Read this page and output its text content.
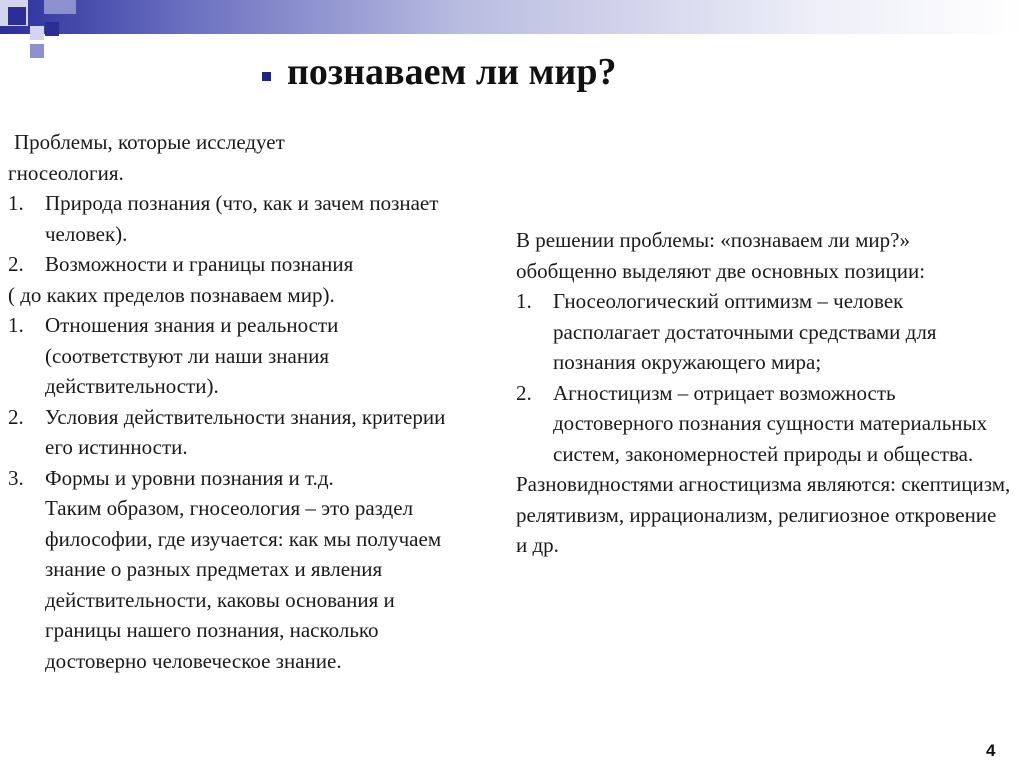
познаваем ли мир?
Проблемы, которые исследует
гносеология.
1.	Природа познания (что, как и зачем познает человек).
2.	Возможности и границы познания
( до каких пределов познаваем мир).
1.	Отношения знания и реальности (соответствуют ли наши знания действительности).
2.	Условия действительности знания, критерии его истинности.
3.	Формы и уровни познания и т.д.
Таким образом, гносеология – это раздел философии, где изучается: как мы получаем знание о разных предметах и явления действительности, каковы основания и границы нашего познания, насколько достоверно человеческое знание.
В решении проблемы: «познаваем ли мир?» обобщенно выделяют две основных позиции:
1.	Гносеологический оптимизм – человек располагает достаточными средствами для познания окружающего мира;
2.	Агностицизм – отрицает возможность достоверного познания сущности материальных систем, закономерностей природы и общества.
Разновидностями агностицизма являются: скептицизм, релятивизм, иррационализм, религиозное откровение и др.
4
